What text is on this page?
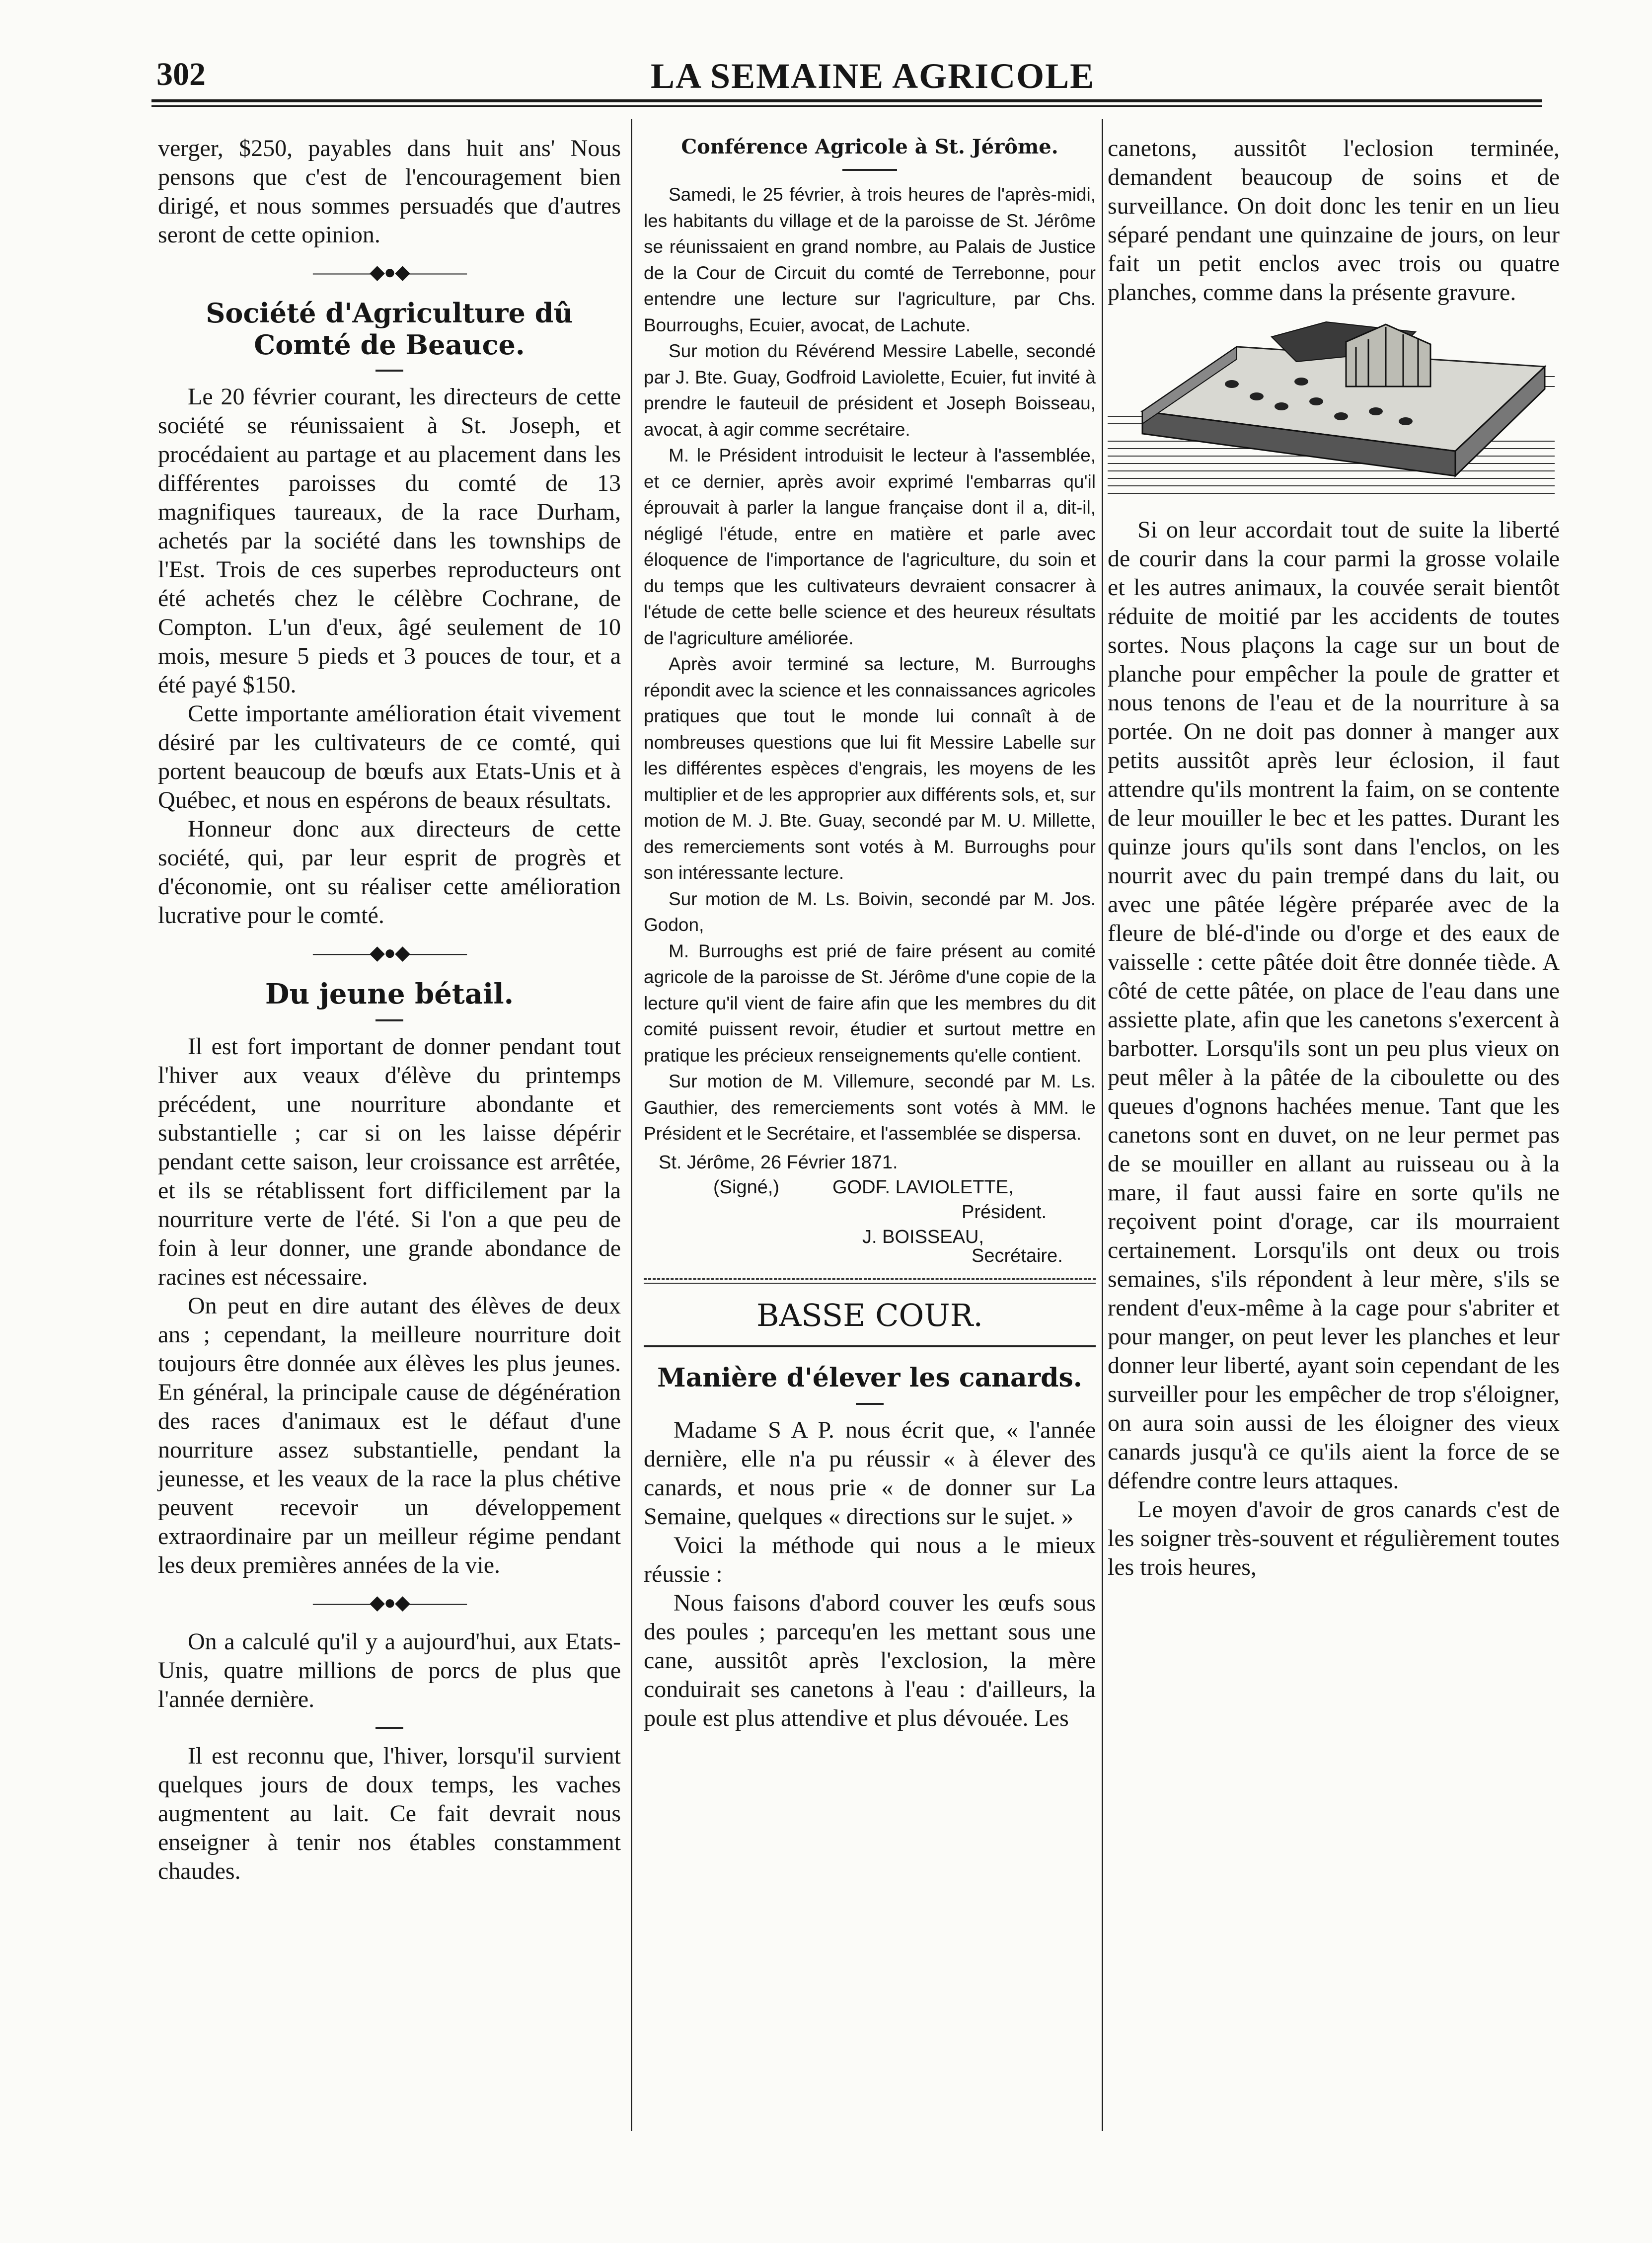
302	LA SEMAINE AGRICOLE

verger, $250, payables dans huit ans' Nous pensons que c'est de l'encouragement bien dirigé, et nous sommes persuadés que d'autres seront de cette opinion.

———◆●◆———

Société d'Agriculture dû Comté de Beauce.

Le 20 février courant, les directeurs de cette société se réunissaient à St. Joseph, et procédaient au partage et au placement dans les différentes paroisses du comté de 13 magnifiques taureaux, de la race Durham, achetés par la société dans les townships de l'Est. Trois de ces superbes reproducteurs ont été achetés chez le célèbre Cochrane, de Compton. L'un d'eux, âgé seulement de 10 mois, mesure 5 pieds et 3 pouces de tour, et a été payé $150.

Cette importante amélioration était vivement désiré par les cultivateurs de ce comté, qui portent beaucoup de bœufs aux Etats-Unis et à Québec, et nous en espérons de beaux résultats.

Honneur donc aux directeurs de cette société, qui, par leur esprit de progrès et d'économie, ont su réaliser cette amélioration lucrative pour le comté.

———◆●◆———

Du jeune bétail.

Il est fort important de donner pendant tout l'hiver aux veaux d'élève du printemps précédent, une nourriture abondante et substantielle ; car si on les laisse dépérir pendant cette saison, leur croissance est arrêtée, et ils se rétablissent fort difficilement par la nourriture verte de l'été. Si l'on a que peu de foin à leur donner, une grande abondance de racines est nécessaire.

On peut en dire autant des élèves de deux ans ; cependant, la meilleure nourriture doit toujours être donnée aux élèves les plus jeunes. En général, la principale cause de dégénération des races d'animaux est le défaut d'une nourriture assez substantielle, pendant la jeunesse, et les veaux de la race la plus chétive peuvent recevoir un développement extraordinaire par un meilleur régime pendant les deux premières années de la vie.

———◆●◆———

On a calculé qu'il y a aujourd'hui, aux Etats-Unis, quatre millions de porcs de plus que l'année dernière.

Il est reconnu que, l'hiver, lorsqu'il survient quelques jours de doux temps, les vaches augmentent au lait. Ce fait devrait nous enseigner à tenir nos étables constamment chaudes.

Conférence Agricole à St. Jérôme.

Samedi, le 25 février, à trois heures de l'après-midi, les habitants du village et de la paroisse de St. Jérôme se réunissaient en grand nombre, au Palais de Justice de la Cour de Circuit du comté de Terrebonne, pour entendre une lecture sur l'agriculture, par Chs. Bourroughs, Ecuier, avocat, de Lachute.

Sur motion du Révérend Messire Labelle, secondé par J. Bte. Guay, Godfroid Laviolette, Ecuier, fut invité à prendre le fauteuil de président et Joseph Boisseau, avocat, à agir comme secrétaire.

M. le Président introduisit le lecteur à l'assemblée, et ce dernier, après avoir exprimé l'embarras qu'il éprouvait à parler la langue française dont il a, dit-il, négligé l'étude, entre en matière et parle avec éloquence de l'importance de l'agriculture, du soin et du temps que les cultivateurs devraient consacrer à l'étude de cette belle science et des heureux résultats de l'agriculture améliorée.

Après avoir terminé sa lecture, M. Burroughs répondit avec la science et les connaissances agricoles pratiques que tout le monde lui connaît à de nombreuses questions que lui fit Messire Labelle sur les différentes espèces d'engrais, les moyens de les multiplier et de les approprier aux différents sols, et, sur motion de M. J. Bte. Guay, secondé par M. U. Millette, des remerciements sont votés à M. Burroughs pour son intéressante lecture.

Sur motion de M. Ls. Boivin, secondé par M. Jos. Godon,

M. Burroughs est prié de faire présent au comité agricole de la paroisse de St. Jérôme d'une copie de la lecture qu'il vient de faire afin que les membres du dit comité puissent revoir, étudier et surtout mettre en pratique les précieux renseignements qu'elle contient.

Sur motion de M. Villemure, secondé par M. Ls. Gauthier, des remerciements sont votés à MM. le Président et le Secrétaire, et l'assemblée se dispersa.

St. Jérôme, 26 Février 1871.
(Signé,)	GODF. LAVIOLETTE,
Président.
J. BOISSEAU,
Secrétaire.

BASSE COUR.

Manière d'élever les canards.

Madame S A P. nous écrit que, « l'année dernière, elle n'a pu réussir « à élever des canards, et nous prie « de donner sur La Semaine, quelques « directions sur le sujet. »

Voici la méthode qui nous a le mieux réussie :

Nous faisons d'abord couver les œufs sous des poules ; parcequ'en les mettant sous une cane, aussitôt après l'exclosion, la mère conduirait ses canetons à l'eau : d'ailleurs, la poule est plus attendive et plus dévouée. Les

canetons, aussitôt l'eclosion terminée, demandent beaucoup de soins et de surveillance. On doit donc les tenir en un lieu séparé pendant une quinzaine de jours, on leur fait un petit enclos avec trois ou quatre planches, comme dans la présente gravure.

Si on leur accordait tout de suite la liberté de courir dans la cour parmi la grosse volaile et les autres animaux, la couvée serait bientôt réduite de moitié par les accidents de toutes sortes. Nous plaçons la cage sur un bout de planche pour empêcher la poule de gratter et nous tenons de l'eau et de la nourriture à sa portée. On ne doit pas donner à manger aux petits aussitôt après leur éclosion, il faut attendre qu'ils montrent la faim, on se contente de leur mouiller le bec et les pattes. Durant les quinze jours qu'ils sont dans l'enclos, on les nourrit avec du pain trempé dans du lait, ou avec une pâtée légère préparée avec de la fleure de blé-d'inde ou d'orge et des eaux de vaisselle : cette pâtée doit être donnée tiède. A côté de cette pâtée, on place de l'eau dans une assiette plate, afin que les canetons s'exercent à barbotter. Lorsqu'ils sont un peu plus vieux on peut mêler à la pâtée de la ciboulette ou des queues d'ognons hachées menue. Tant que les canetons sont en duvet, on ne leur permet pas de se mouiller en allant au ruisseau ou à la mare, il faut aussi faire en sorte qu'ils ne reçoivent point d'orage, car ils mourraient certainement. Lorsqu'ils ont deux ou trois semaines, s'ils répondent à leur mère, s'ils se rendent d'eux-même à la cage pour s'abriter et pour manger, on peut lever les planches et leur donner leur liberté, ayant soin cependant de les surveiller pour les empêcher de trop s'éloigner, on aura soin aussi de les éloigner des vieux canards jusqu'à ce qu'ils aient la force de se défendre contre leurs attaques.

Le moyen d'avoir de gros canards c'est de les soigner très-souvent et régulièrement toutes les trois heures,
